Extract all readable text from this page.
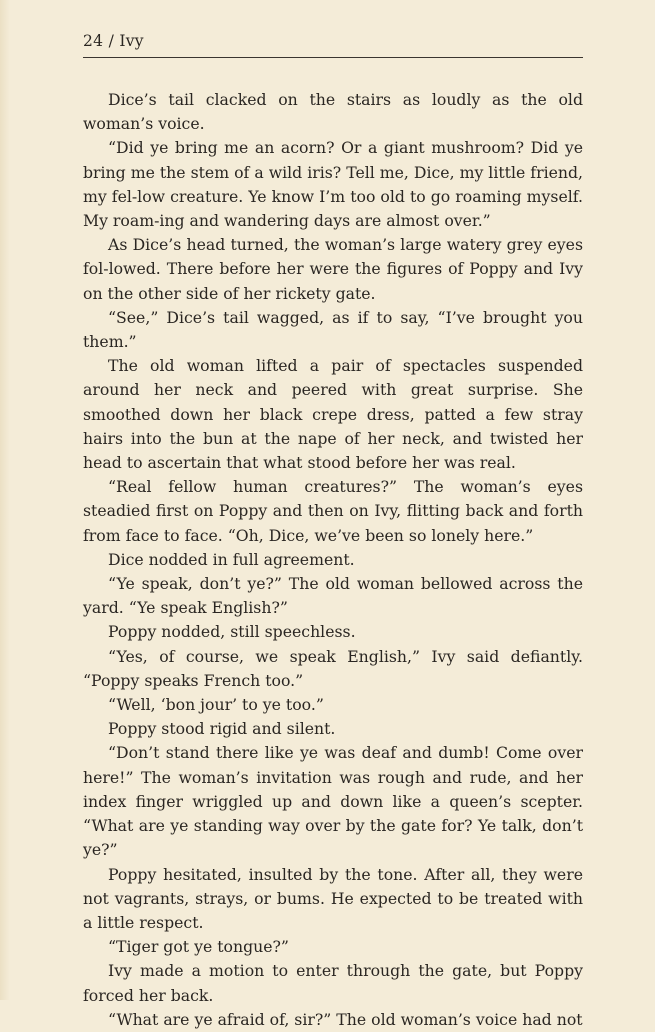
24 / Ivy

Dice’s tail clacked on the stairs as loudly as the old woman’s voice.

“Did ye bring me an acorn? Or a giant mushroom? Did ye bring me the stem of a wild iris? Tell me, Dice, my little friend, my fel-low creature. Ye know I’m too old to go roaming myself. My roam-ing and wandering days are almost over.”

As Dice’s head turned, the woman’s large watery grey eyes fol-lowed. There before her were the figures of Poppy and Ivy on the other side of her rickety gate.

“See,” Dice’s tail wagged, as if to say, “I’ve brought you them.”

The old woman lifted a pair of spectacles suspended around her neck and peered with great surprise. She smoothed down her black crepe dress, patted a few stray hairs into the bun at the nape of her neck, and twisted her head to ascertain that what stood before her was real.

“Real fellow human creatures?” The woman’s eyes steadied first on Poppy and then on Ivy, flitting back and forth from face to face. “Oh, Dice, we’ve been so lonely here.”

Dice nodded in full agreement.

“Ye speak, don’t ye?” The old woman bellowed across the yard. “Ye speak English?”

Poppy nodded, still speechless.

“Yes, of course, we speak English,” Ivy said defiantly. “Poppy speaks French too.”

“Well, ‘bon jour’ to ye too.”

Poppy stood rigid and silent.

“Don’t stand there like ye was deaf and dumb! Come over here!” The woman’s invitation was rough and rude, and her index finger wriggled up and down like a queen’s scepter. “What are ye standing way over by the gate for? Ye talk, don’t ye?”

Poppy hesitated, insulted by the tone. After all, they were not vagrants, strays, or bums. He expected to be treated with a little respect.

“Tiger got ye tongue?”

Ivy made a motion to enter through the gate, but Poppy forced her back.

“What are ye afraid of, sir?” The old woman’s voice had not
